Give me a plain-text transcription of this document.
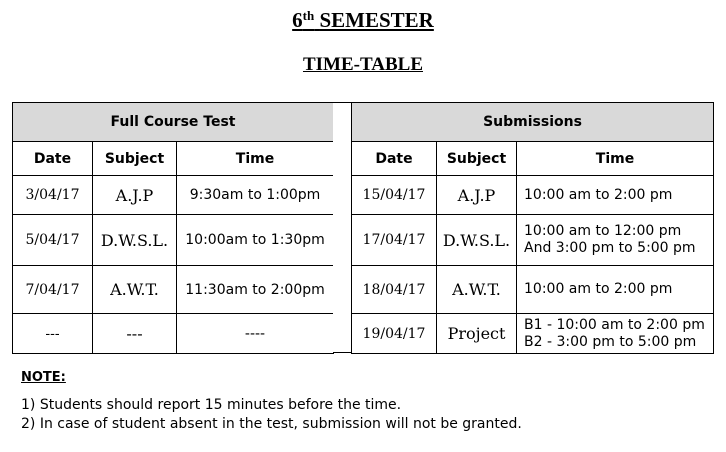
6th SEMESTER
TIME-TABLE
Full Course Test		
Date	Subject	Time
3/04/17	A.J.P	9:30am to 1:00pm
5/04/17	D.W.S.L.	10:00am to 1:30pm
7/04/17	A.W.T.	11:30am to 2:00pm
---	---	----
Submissions		
Date	Subject	Time
15/04/17	A.J.P	10:00 am to 2:00 pm

17/04/17	D.W.S.L.	10:00 am to 12:00 pm
And 3:00 pm to 5:00 pm

18/04/17	A.W.T.	10:00 am to 2:00 pm

19/04/17	Project	B1 - 10:00 am to 2:00 pm
B2 - 3:00 pm to 5:00 pm
NOTE:
1) Students should report 15 minutes before the time.
2) In case of student absent in the test, submission will not be granted.
